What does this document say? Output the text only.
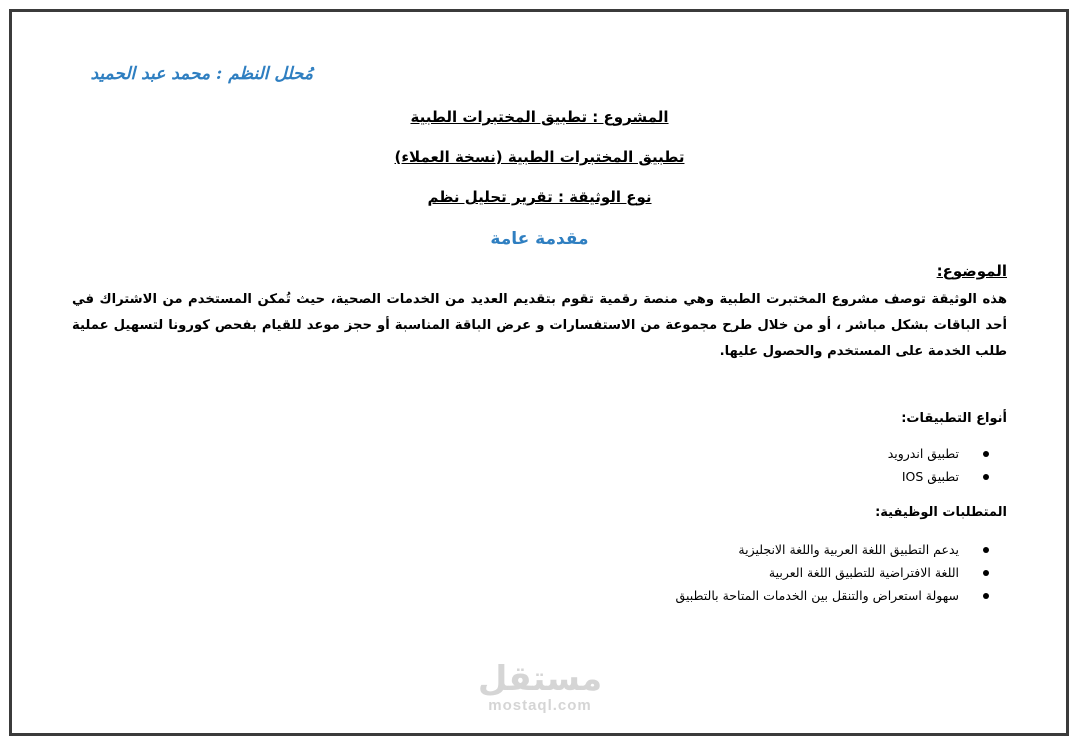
مُحلل النظم : محمد عبد الحميد
المشروع : تطبيق المختبرات الطبية
تطبيق المختبرات الطبية (نسخة العملاء)
نوع الوثيقة : تقرير تحليل نظم
مقدمة عامة
الموضوع:
هذه الوثيقة توصف مشروع المختبرت الطبية وهي منصة رقمية تقوم بتقديم العديد من الخدمات الصحية، حيث تُمكن المستخدم من الاشتراك في أحد الباقات بشكل مباشر ، أو من خلال طرح مجموعة من الاستفسارات و عرض الباقة المناسبة أو حجز موعد للقيام بفحص كورونا لتسهيل عملية طلب الخدمة على المستخدم والحصول عليها.
أنواع التطبيقات:
تطبيق اندرويد
تطبيق IOS
المتطلبات الوظيفية:
يدعم التطبيق اللغة العربية واللغة الانجليزية
اللغة الافتراضية للتطبيق اللغة العربية
سهولة استعراض والتنقل بين الخدمات المتاحة بالتطبيق
مستقل
mostaql.com
